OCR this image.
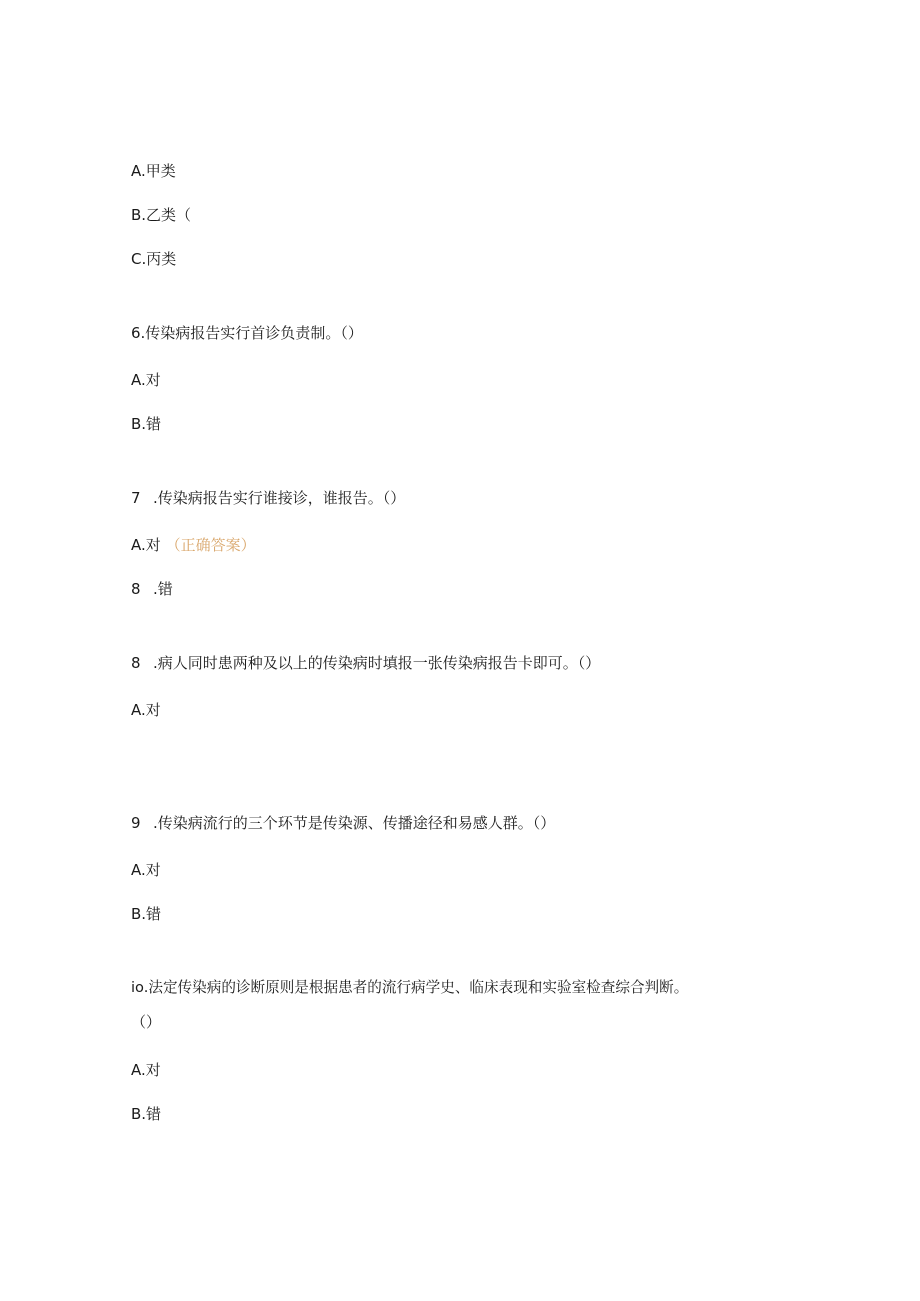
A.甲类
B.乙类（
C.丙类
6.传染病报告实行首诊负责制。（）
A.对
B.错
7 .传染病报告实行谁接诊，谁报告。（）
A.对 （正确答案）
8 .错
8 .病人同时患两种及以上的传染病时填报一张传染病报告卡即可。（）
A.对
9 .传染病流行的三个环节是传染源、传播途径和易感人群。（）
A.对
B.错
io.法定传染病的诊断原则是根据患者的流行病学史、临床表现和实验室检查综合判断。
（）
A.对
B.错
